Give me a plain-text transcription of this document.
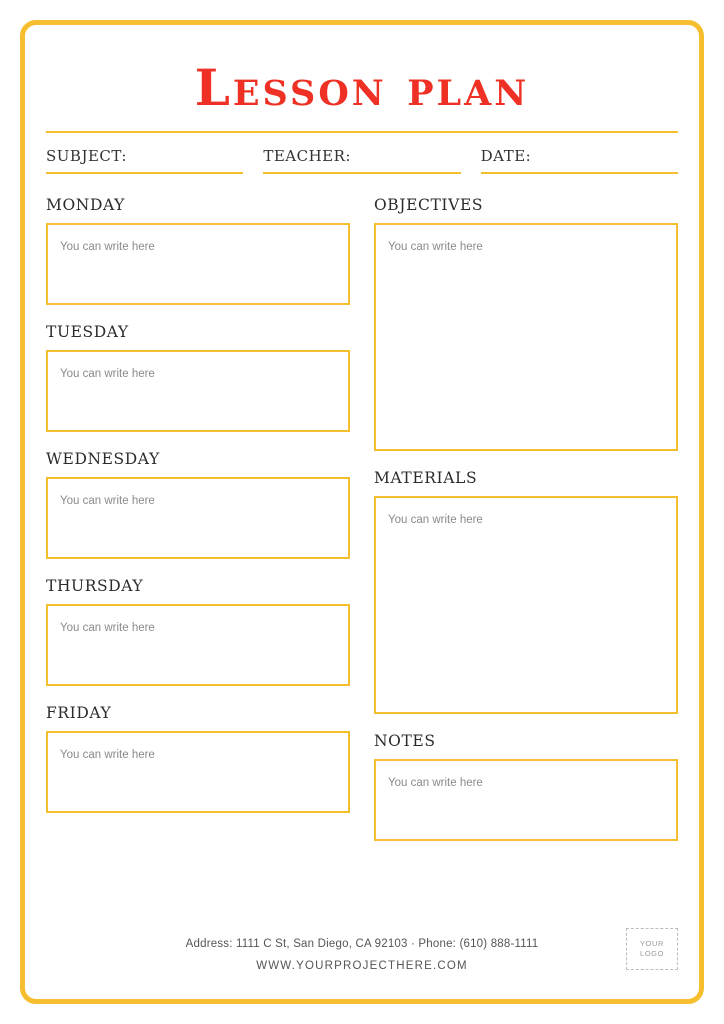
Lesson plan
SUBJECT:	TEACHER:	DATE:
MONDAY
You can write here
TUESDAY
You can write here
WEDNESDAY
You can write here
THURSDAY
You can write here
FRIDAY
You can write here
OBJECTIVES
You can write here
MATERIALS
You can write here
NOTES
You can write here
Address: 1111 C St, San Diego, CA 92103 · Phone: (610) 888-1111
WWW.YOURPROJECTHERE.COM
YOUR
LOGO
